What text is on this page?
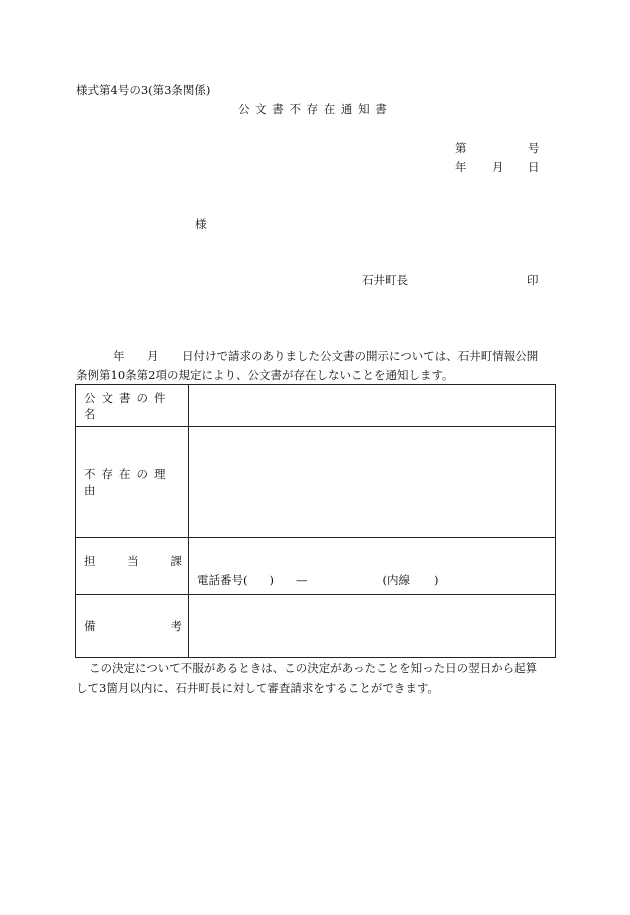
様式第4号の3(第3条関係)
公 文 書 不 存 在 通 知 書
第	号
年 月 日
様
石井町長	印
年 月 日付けで請求のありました公文書の開示については、石井町情報公開
条例第10条第2項の規定により、公文書が存在しないことを通知します。
公文書の件名	

不存在の理由	

担 当 課	電話番号( ) — (内線 )

備 考	

この決定について不服があるときは、この決定があったことを知った日の翌日から起算
して3箇月以内に、石井町長に対して審査請求をすることができます。
